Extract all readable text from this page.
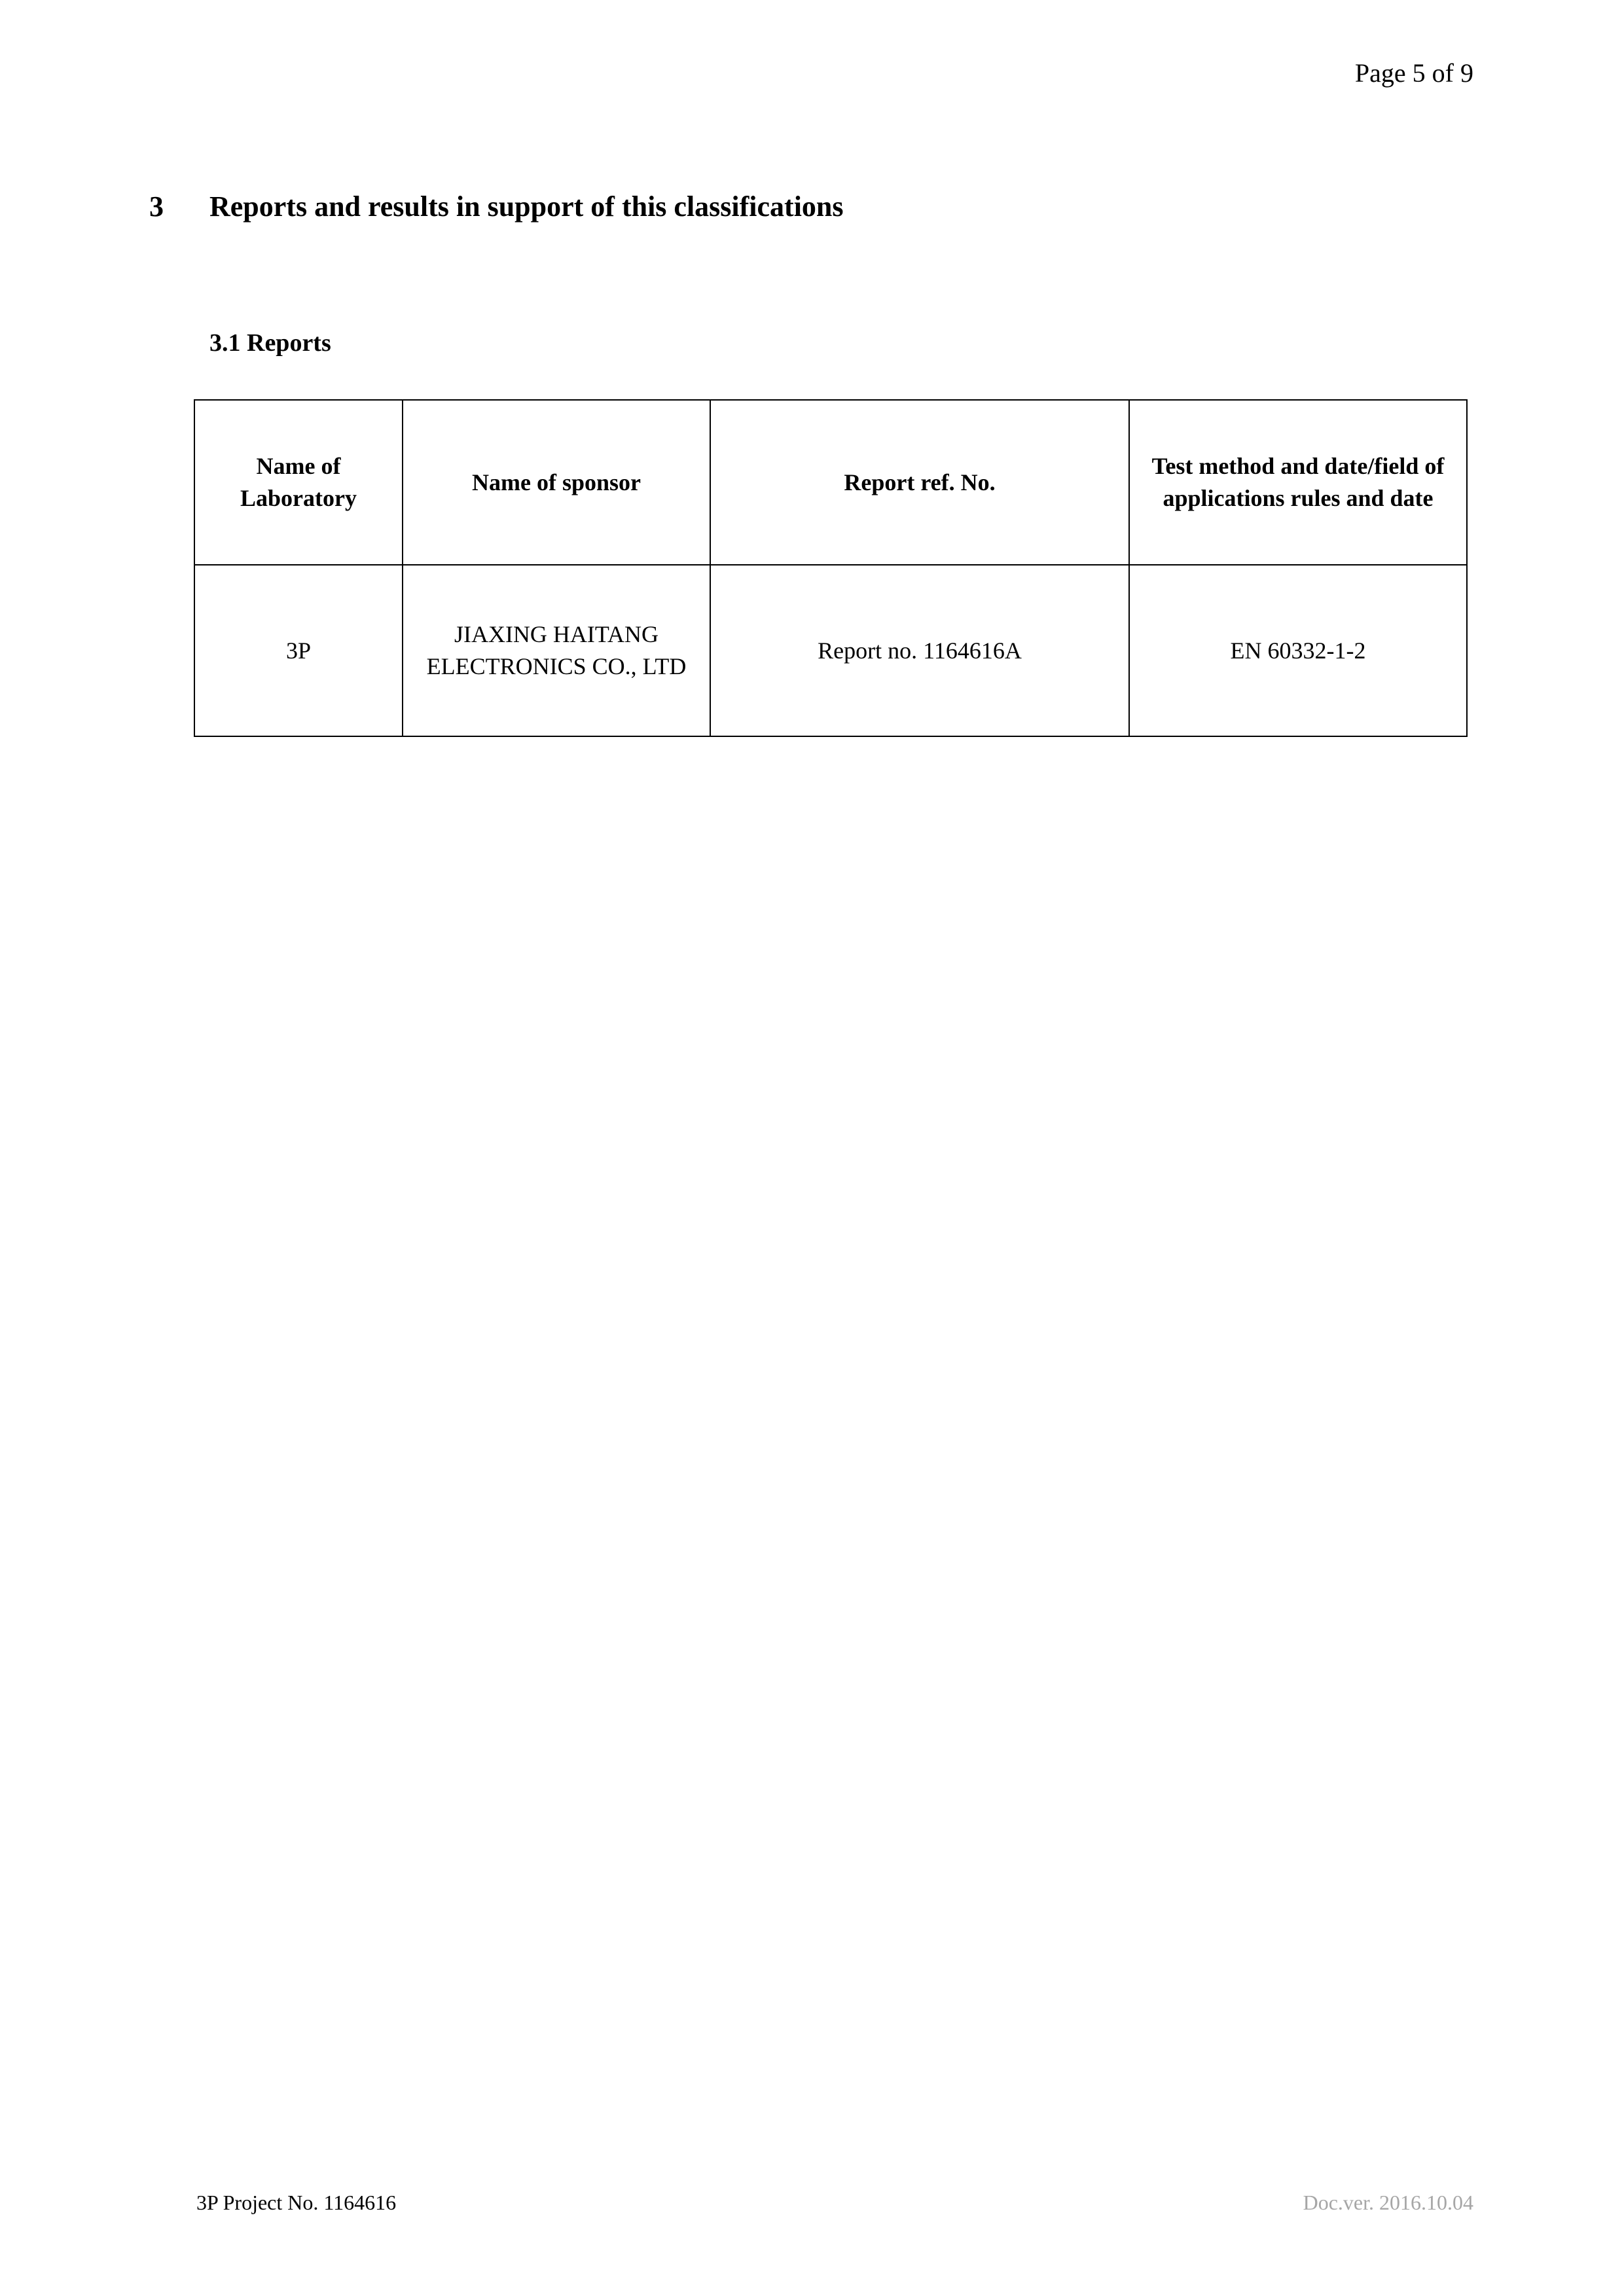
Page 5 of 9
3	Reports and results in support of this classifications
3.1 Reports
Name of Laboratory	Name of sponsor	Report ref. No.	Test method and date/field of applications rules and date
3P	JIAXING HAITANG ELECTRONICS CO., LTD	Report no. 1164616A	EN 60332-1-2
3P Project No. 1164616	Doc.ver. 2016.10.04
